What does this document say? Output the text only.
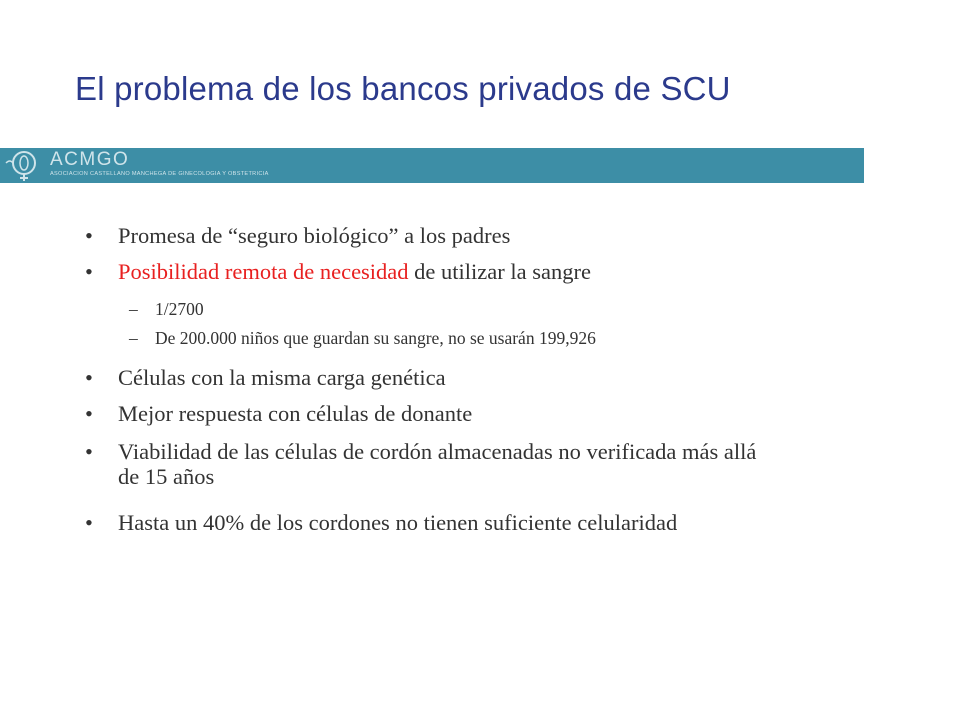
El problema de los bancos privados de SCU
ACMGO
ASOCIACION CASTELLANO MANCHEGA DE GINECOLOGIA Y OBSTETRICIA
• Promesa de “seguro biológico” a los padres
• Posibilidad remota de necesidad de utilizar la sangre
– 1/2700
– De 200.000 niños que guardan su sangre, no se usarán 199,926
• Células con la misma carga genética
• Mejor respuesta con células de donante
• Viabilidad de las células de cordón almacenadas no verificada más allá de 15 años
• Hasta un 40% de los cordones no tienen suficiente celularidad
